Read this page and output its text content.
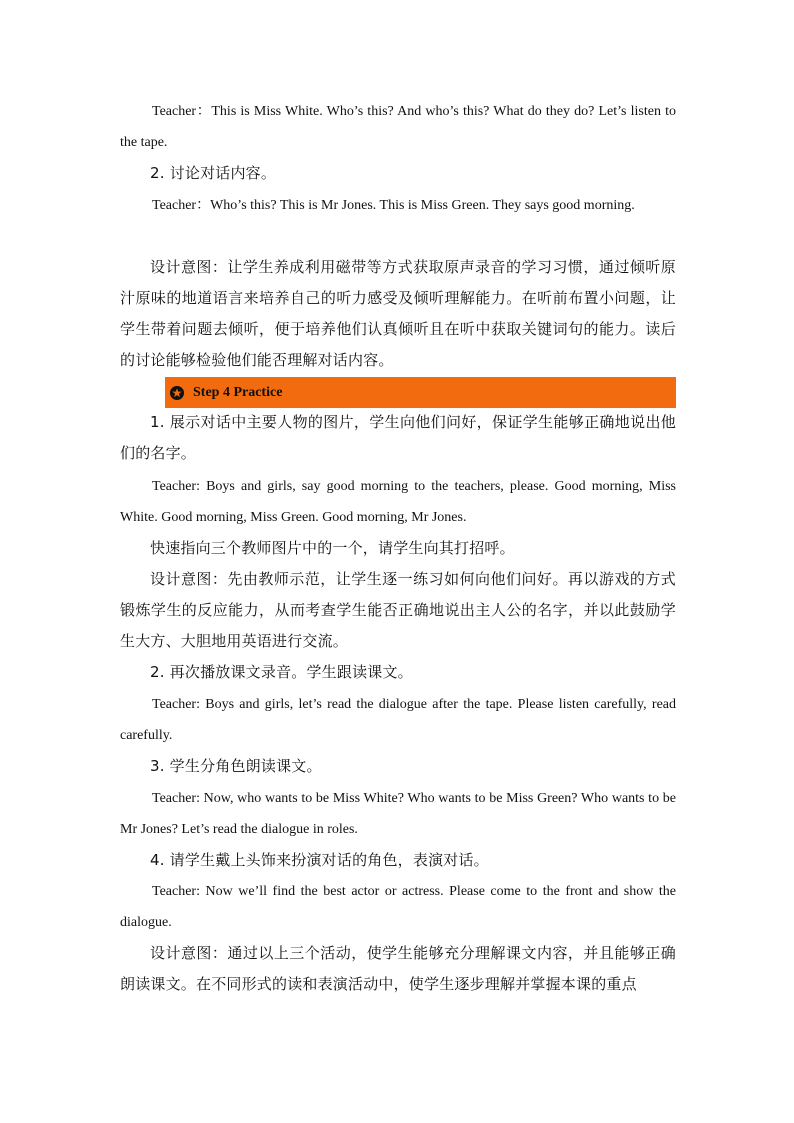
Teacher：This is Miss White. Who’s this? And who’s this? What do they do? Let’s listen to the tape.

2. 讨论对话内容。

Teacher：Who’s this? This is Mr Jones. This is Miss Green. They says good morning.

设计意图：让学生养成利用磁带等方式获取原声录音的学习习惯，通过倾听原汁原味的地道语言来培养自己的听力感受及倾听理解能力。在听前布置小问题，让学生带着问题去倾听，便于培养他们认真倾听且在听中获取关键词句的能力。读后的讨论能够检验他们能否理解对话内容。

Step 4 Practice

1. 展示对话中主要人物的图片，学生向他们问好，保证学生能够正确地说出他们的名字。

Teacher: Boys and girls, say good morning to the teachers, please. Good morning, Miss White. Good morning, Miss Green. Good morning, Mr Jones.

快速指向三个教师图片中的一个，请学生向其打招呼。

设计意图：先由教师示范，让学生逐一练习如何向他们问好。再以游戏的方式锻炼学生的反应能力，从而考查学生能否正确地说出主人公的名字，并以此鼓励学生大方、大胆地用英语进行交流。

2. 再次播放课文录音。学生跟读课文。

Teacher: Boys and girls, let’s read the dialogue after the tape. Please listen carefully, read carefully.

3. 学生分角色朗读课文。

Teacher: Now, who wants to be Miss White? Who wants to be Miss Green? Who wants to be Mr Jones? Let’s read the dialogue in roles.

4. 请学生戴上头饰来扮演对话的角色，表演对话。

Teacher: Now we’ll find the best actor or actress. Please come to the front and show the dialogue.

设计意图：通过以上三个活动，使学生能够充分理解课文内容，并且能够正确朗读课文。在不同形式的读和表演活动中，使学生逐步理解并掌握本课的重点
